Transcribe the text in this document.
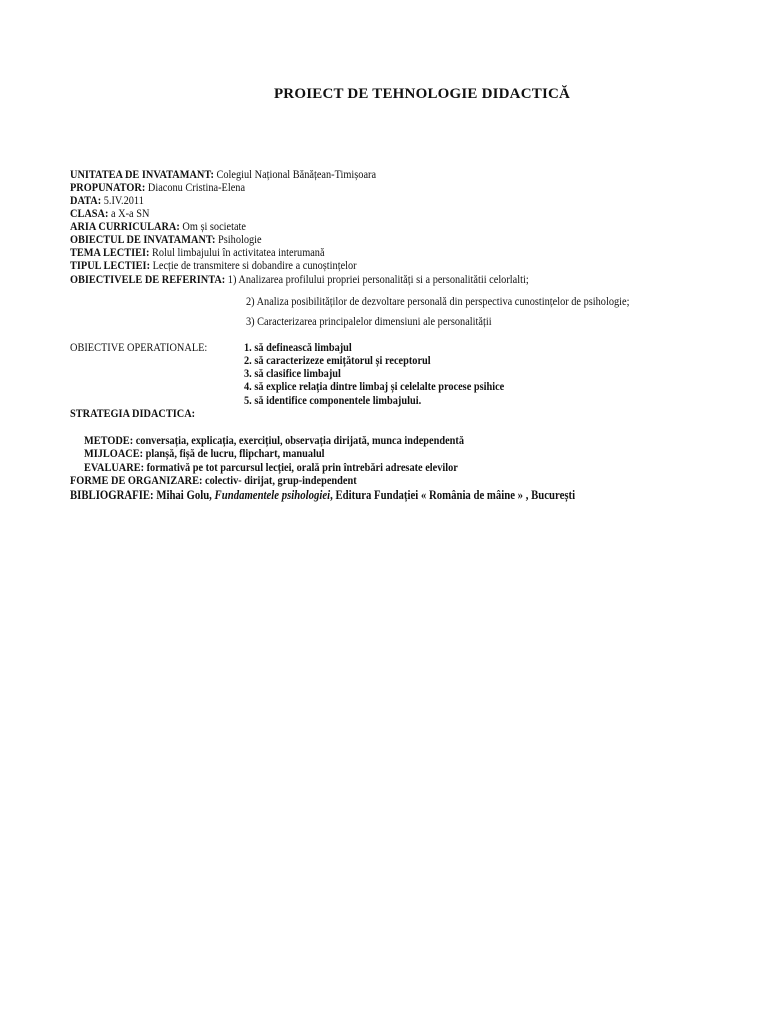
PROIECT DE TEHNOLOGIE DIDACTICĂ
UNITATEA DE INVATAMANT: Colegiul Național Bănățean-Timișoara
PROPUNATOR: Diaconu Cristina-Elena
DATA: 5.IV.2011
CLASA: a X-a SN
ARIA CURRICULARA: Om și societate
OBIECTUL DE INVATAMANT: Psihologie
TEMA LECTIEI: Rolul limbajului în activitatea interumană
TIPUL LECTIEI: Lecție de transmitere si dobandire a cunoștințelor
OBIECTIVELE DE REFERINTA: 1) Analizarea profilului propriei personalități si a personalitătii celorlalti;
2) Analiza posibilităților de dezvoltare personală din perspectiva cunostințelor de psihologie;
3) Caracterizarea principalelor dimensiuni ale personalității
OBIECTIVE OPERATIONALE:	1. să definească limbajul
2. să caracterizeze emițătorul și receptorul
3. să clasifice limbajul
4. să explice relația dintre limbaj și celelalte procese psihice
5. să identifice componentele limbajului.
STRATEGIA DIDACTICA:
METODE: conversația, explicația, exercițiul, observația dirijată, munca independentă
MIJLOACE: planșă, fișă de lucru, flipchart, manualul
EVALUARE: formativă pe tot parcursul lecției, orală prin întrebări adresate elevilor
FORME DE ORGANIZARE: colectiv- dirijat, grup-independent
BIBLIOGRAFIE: Mihai Golu, Fundamentele psihologiei, Editura Fundației « România de mâine » , București
